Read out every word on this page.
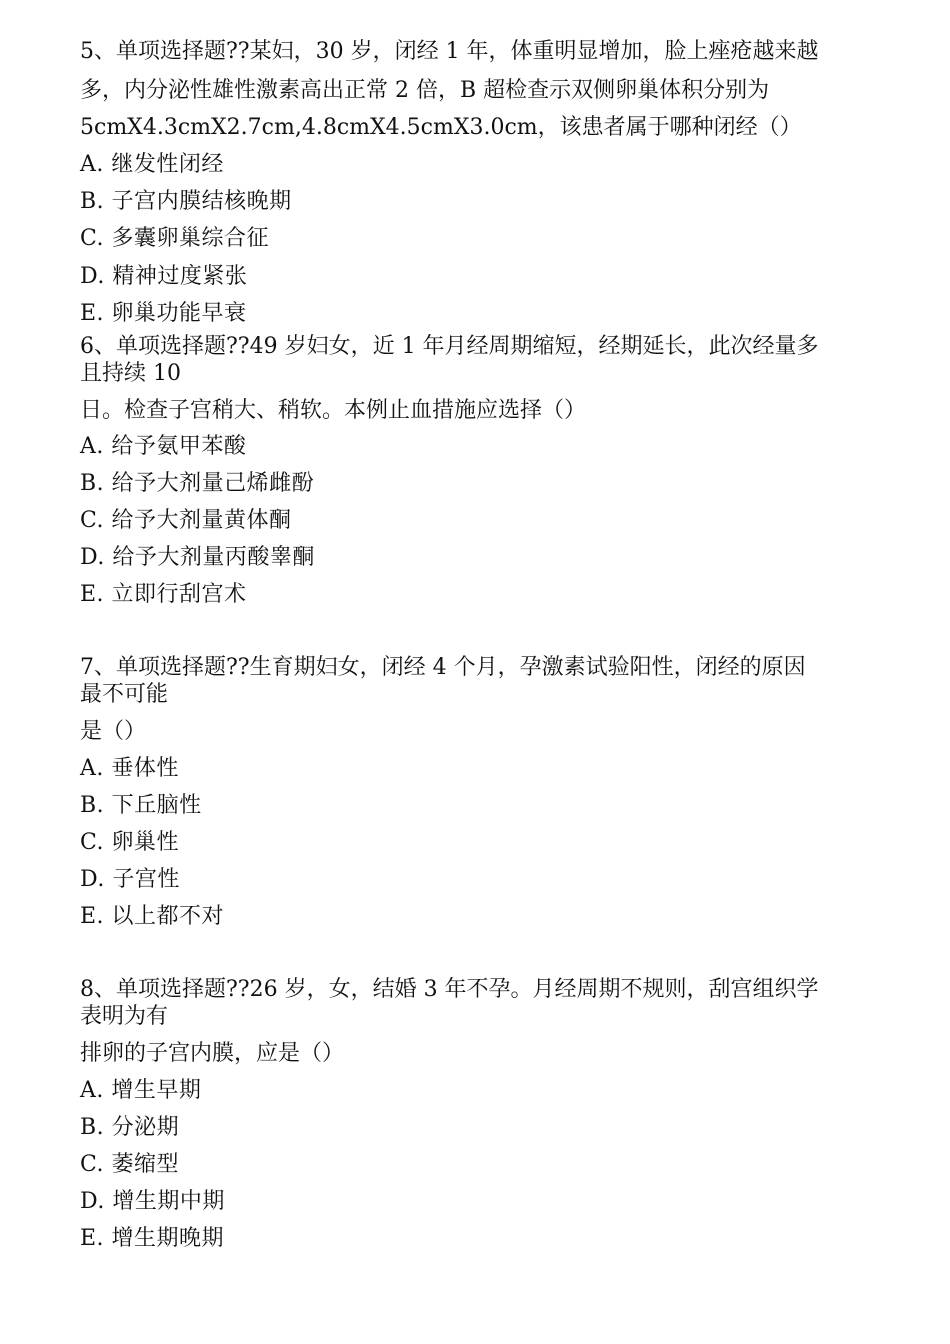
5、单项选择题??某妇，30 岁，闭经 1 年，体重明显增加，脸上痤疮越来越
多，内分泌性雄性激素高出正常 2 倍，B 超检查示双侧卵巢体积分别为
5cmX4.3cmX2.7cm,4.8cmX4.5cmX3.0cm，该患者属于哪种闭经（）
A. 继发性闭经
B. 子宫内膜结核晚期
C. 多囊卵巢综合征
D. 精神过度紧张
E. 卵巢功能早衰
6、单项选择题??49 岁妇女，近 1 年月经周期缩短，经期延长，此次经量多
且持续 10
日。检查子宫稍大、稍软。本例止血措施应选择（）
A. 给予氨甲苯酸
B. 给予大剂量己烯雌酚
C. 给予大剂量黄体酮
D. 给予大剂量丙酸睾酮
E. 立即行刮宫术
7、单项选择题??生育期妇女，闭经 4 个月，孕激素试验阳性，闭经的原因
最不可能
是（）
A. 垂体性
B. 下丘脑性
C. 卵巢性
D. 子宫性
E. 以上都不对
8、单项选择题??26 岁，女，结婚 3 年不孕。月经周期不规则，刮宫组织学
表明为有
排卵的子宫内膜，应是（）
A. 增生早期
B. 分泌期
C. 萎缩型
D. 增生期中期
E. 增生期晚期
